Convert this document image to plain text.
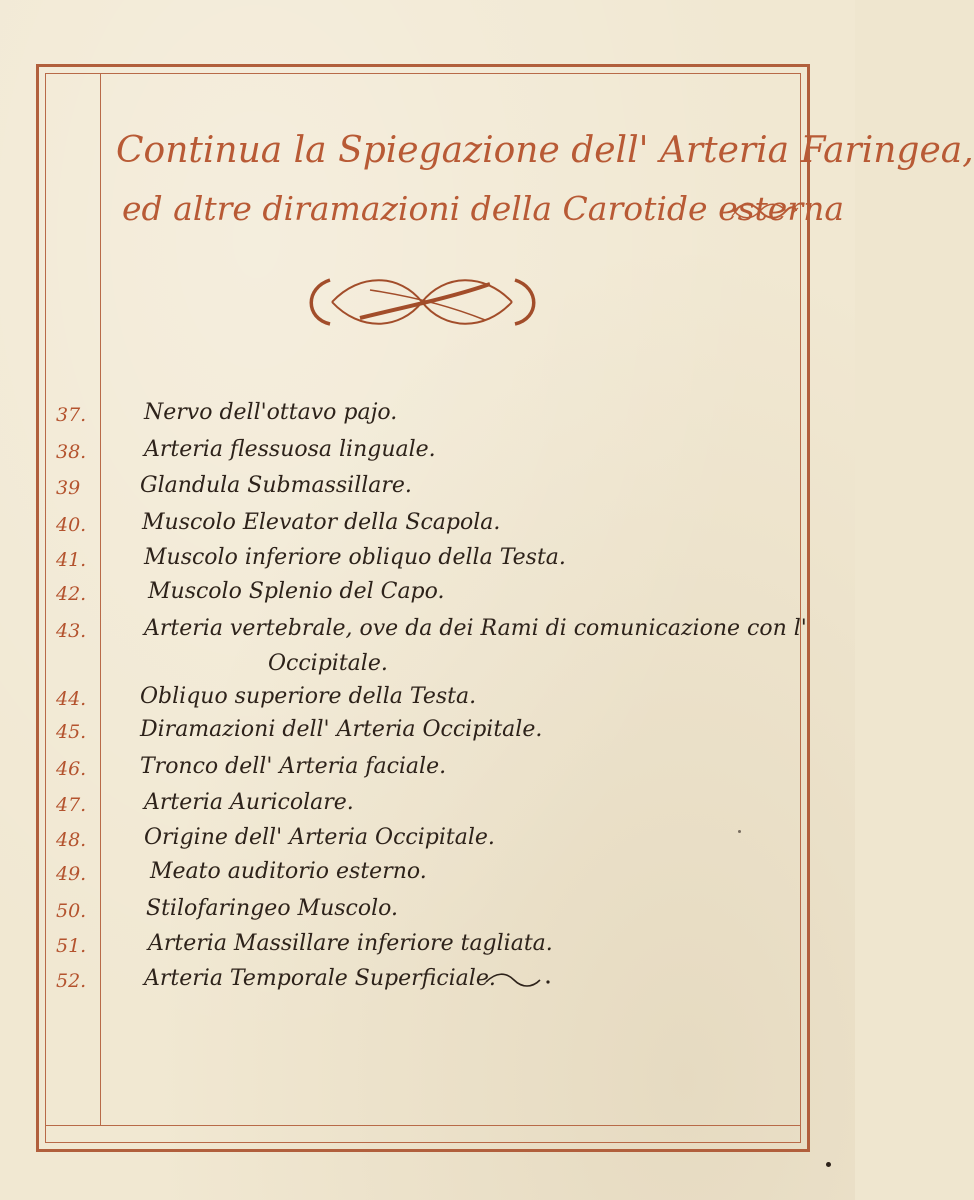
Continua la Spiegazione dell' Arteria Faringea,
ed altre diramazioni della Carotide esterna
37.	Nervo dell'ottavo pajo.
38.	Arteria flessuosa linguale.
39	Glandula Submassillare.
40.	Muscolo Elevator della Scapola.
41.	Muscolo inferiore obliquo della Testa.
42.	Muscolo Splenio del Capo.
43.	Arteria vertebrale, ove da dei Rami di comunicazione con l'
Occipitale.
44.	Obliquo superiore della Testa.
45.	Diramazioni dell' Arteria Occipitale.
46.	Tronco dell' Arteria faciale.
47.	Arteria Auricolare.
48.	Origine dell' Arteria Occipitale.
49.	Meato auditorio esterno.
50.	Stilofaringeo Muscolo.
51.	Arteria Massillare inferiore tagliata.
52.	Arteria Temporale Superficiale.
